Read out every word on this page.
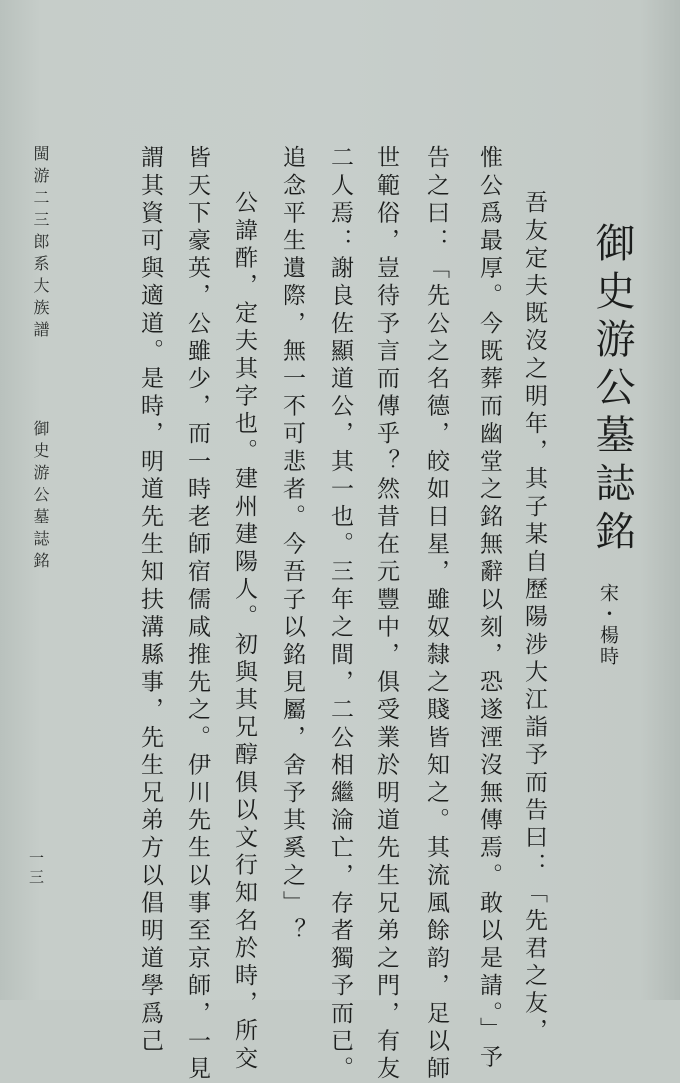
御史游公墓誌銘
宋・楊時
吾友定夫既沒之明年，其子某自歷陽涉大江詣予而告曰：「先君之友，
惟公爲最厚。今既葬而幽堂之銘無辭以刻，恐遂湮沒無傳焉。敢以是請。」予
告之曰：「先公之名德，皎如日星，雖奴隸之賤皆知之。其流風餘韵，足以師
世範俗，豈待予言而傳乎？然昔在元豐中，俱受業於明道先生兄弟之門，有友
二人焉：謝良佐顯道公，其一也。三年之間，二公相繼淪亡，存者獨予而已。
追念平生遺際，無一不可悲者。今吾子以銘見屬，舍予其奚之」？
公諱酢，定夫其字也。建州建陽人。初與其兄醇俱以文行知名於時，所交
皆天下豪英，公雖少，而一時老師宿儒咸推先之。伊川先生以事至京師，一見
謂其資可與適道。是時，明道先生知扶溝縣事，先生兄弟方以倡明道學爲己
閩游二三郎系大族譜
御史游公墓誌銘
一三
